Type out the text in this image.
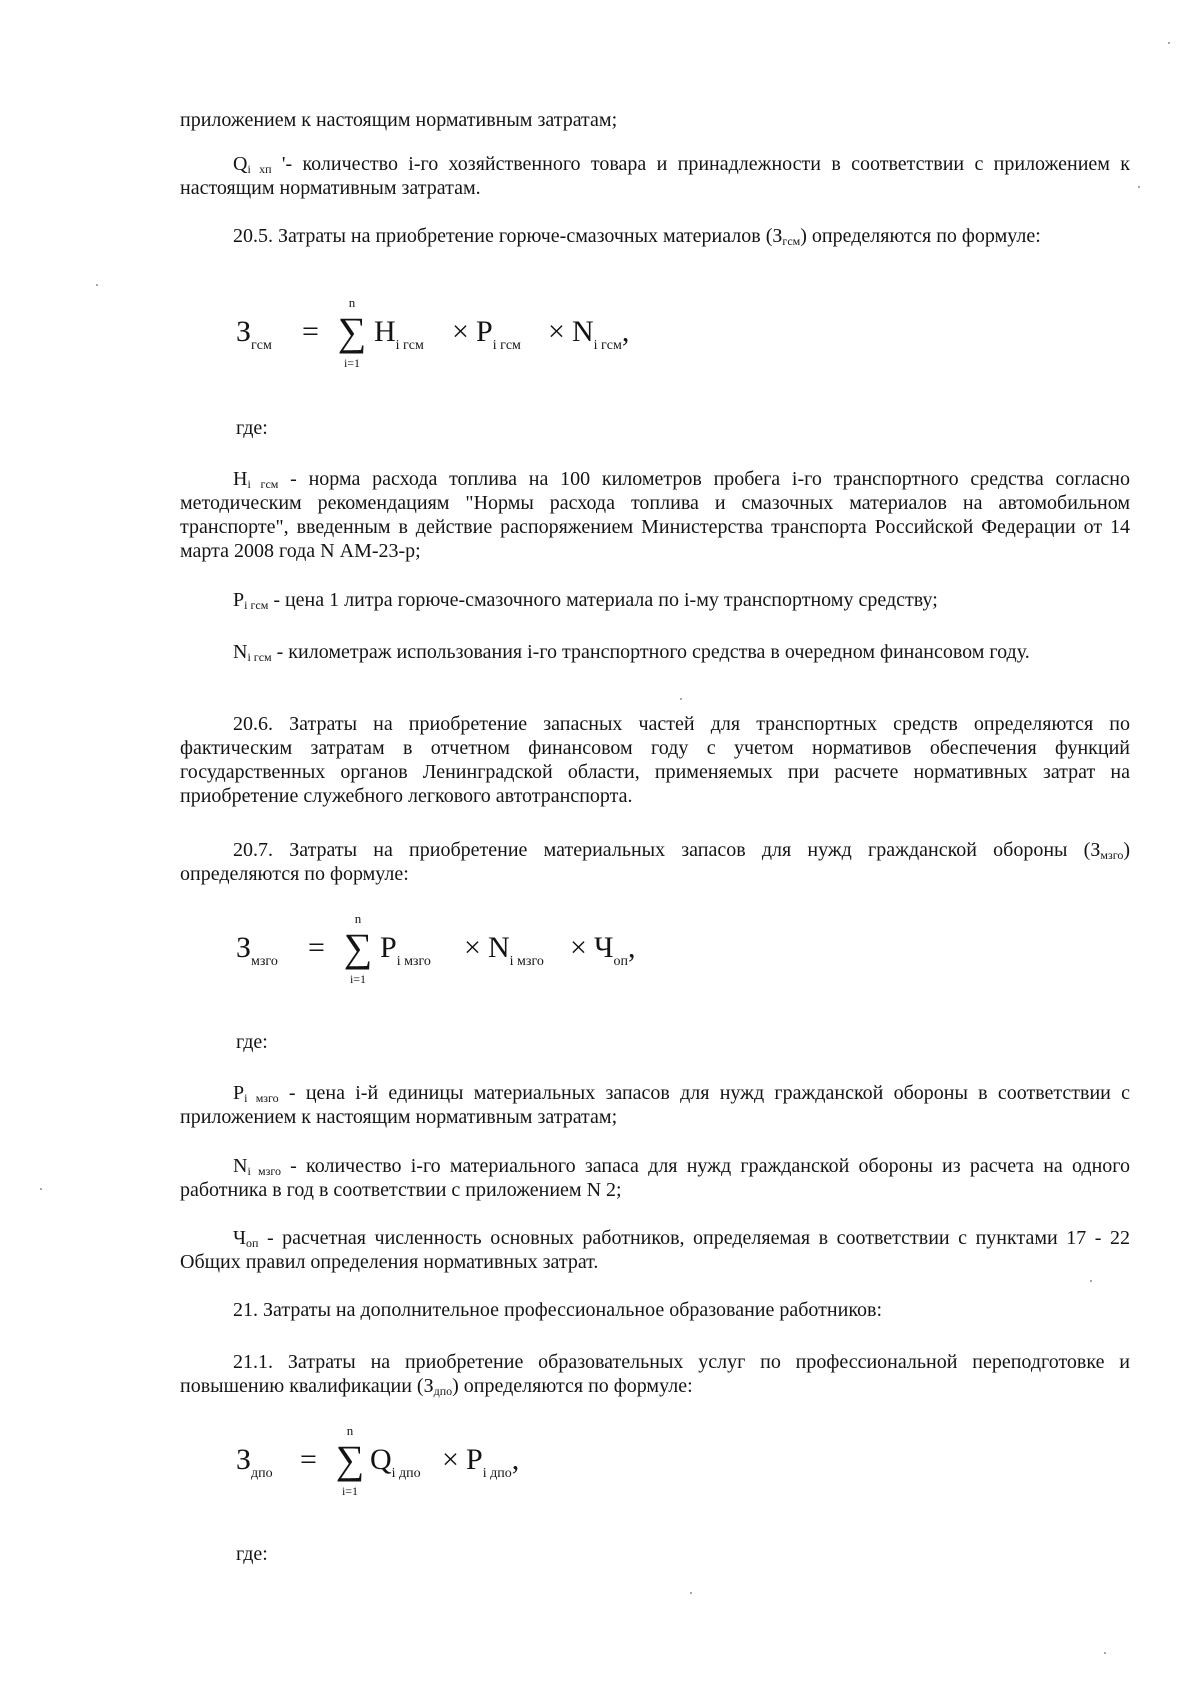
приложением к настоящим нормативным затратам;

$Q_{i хп}$ '- количество i-го хозяйственного товара и принадлежности в соответствии с приложением к настоящим нормативным затратам.

20.5. Затраты на приобретение горюче-смазочных материалов $(З_{гсм})$ определяются по формуле:

$З_{гсм}$ =
n
∑
i=1
$H_{i гсм} \times P_{i гсм} \times N_{i гсм}$,

где:

$H_{i гсм}$ - норма расхода топлива на 100 километров пробега i-го транспортного средства согласно методическим рекомендациям "Нормы расхода топлива и смазочных материалов на автомобильном транспорте", введенным в действие распоряжением Министерства транспорта Российской Федерации от 14 марта 2008 года N АМ-23-р;

$P_{i гсм}$ - цена 1 литра горюче-смазочного материала по i-му транспортному средству;

$N_{i гсм}$ - километраж использования i-го транспортного средства в очередном финансовом году.

20.6. Затраты на приобретение запасных частей для транспортных средств определяются по фактическим затратам в отчетном финансовом году с учетом нормативов обеспечения функций государственных органов Ленинградской области, применяемых при расчете нормативных затрат на приобретение служебного легкового автотранспорта.

20.7. Затраты на приобретение материальных запасов для нужд гражданской обороны $(З_{мзго})$ определяются по формуле:

$З_{мзго}$ =
n
∑
i=1
$P_{i мзго} \times N_{i мзго} \times Ч_{оп}$,

где:

$P_{i мзго}$ - цена i-й единицы материальных запасов для нужд гражданской обороны в соответствии с приложением к настоящим нормативным затратам;

$N_{i мзго}$ - количество i-го материального запаса для нужд гражданской обороны из расчета на одного работника в год в соответствии с приложением N 2;

$Ч_{оп}$ - расчетная численность основных работников, определяемая в соответствии с пунктами 17 - 22 Общих правил определения нормативных затрат.

21. Затраты на дополнительное профессиональное образование работников:

21.1. Затраты на приобретение образовательных услуг по профессиональной переподготовке и повышению квалификации $(З_{дпо})$ определяются по формуле:

$З_{дпо}$ =
n
∑
i=1
$Q_{i дпо} \times P_{i дпо}$,

где:
